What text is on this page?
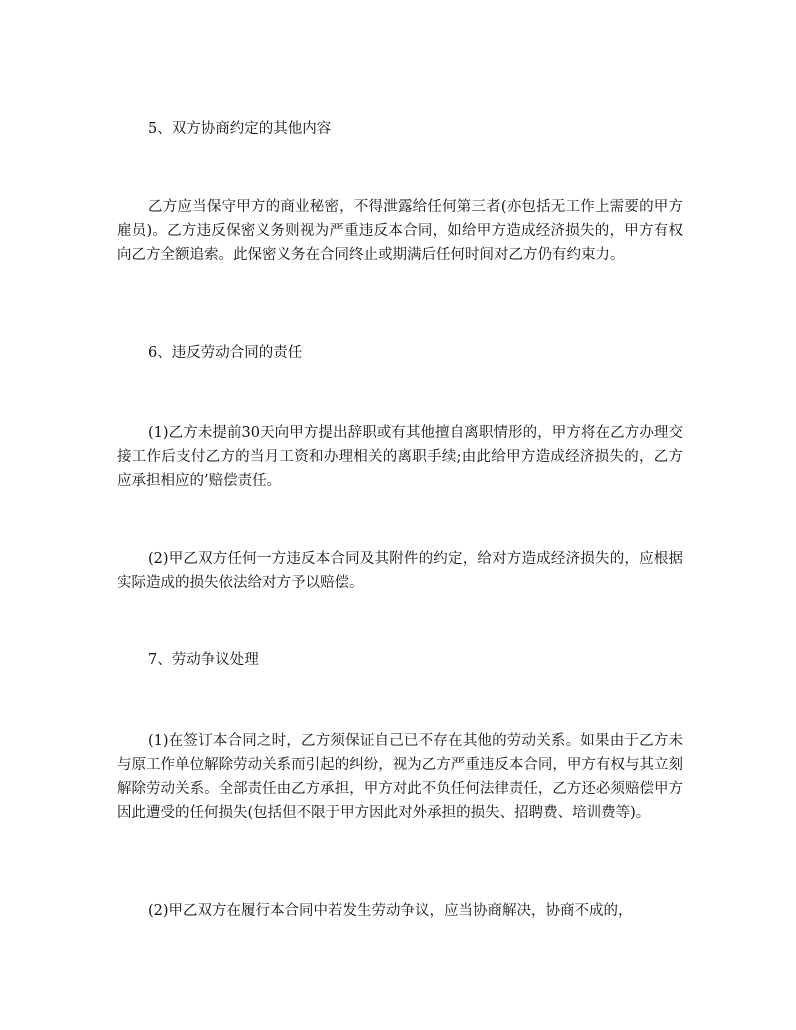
5、双方协商约定的其他内容

乙方应当保守甲方的商业秘密，不得泄露给任何第三者(亦包括无工作上需要的甲方雇员)。乙方违反保密义务则视为严重违反本合同，如给甲方造成经济损失的，甲方有权向乙方全额追索。此保密义务在合同终止或期满后任何时间对乙方仍有约束力。

6、违反劳动合同的责任

(1)乙方未提前30天向甲方提出辞职或有其他擅自离职情形的，甲方将在乙方办理交接工作后支付乙方的当月工资和办理相关的离职手续;由此给甲方造成经济损失的，乙方应承担相应的’赔偿责任。

(2)甲乙双方任何一方违反本合同及其附件的约定，给对方造成经济损失的，应根据实际造成的损失依法给对方予以赔偿。

7、劳动争议处理

(1)在签订本合同之时，乙方须保证自己已不存在其他的劳动关系。如果由于乙方未与原工作单位解除劳动关系而引起的纠纷，视为乙方严重违反本合同，甲方有权与其立刻解除劳动关系。全部责任由乙方承担，甲方对此不负任何法律责任，乙方还必须赔偿甲方因此遭受的任何损失(包括但不限于甲方因此对外承担的损失、招聘费、培训费等)。

(2)甲乙双方在履行本合同中若发生劳动争议，应当协商解决，协商不成的，
